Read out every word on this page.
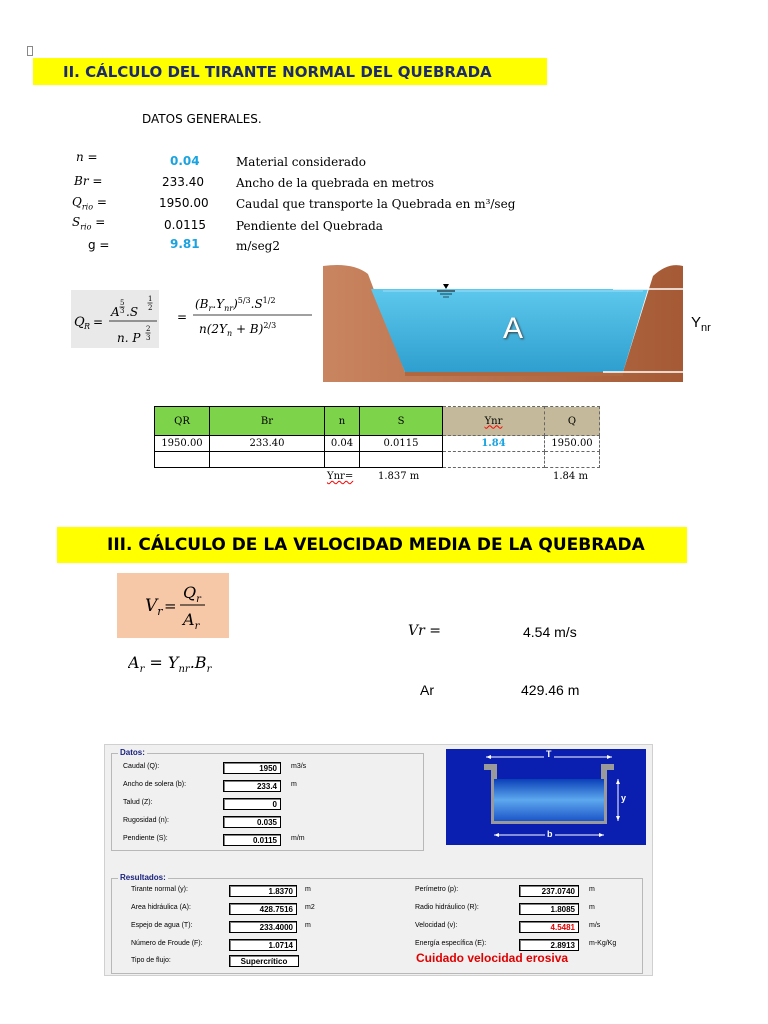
II. CÁLCULO DEL TIRANTE NORMAL DEL QUEBRADA
DATOS GENERALES.
n =	0.04	Material considerado
Br =	233.40	Ancho de la quebrada en metros
$Q_{rio}$ =	1950.00 Caudal que transporte la Quebrada en m³/seg
$S_{rio}$ =	0.0115	Pendiente del Quebrada
g =	9.81	m/seg2
Q R =
A
5
3 .S
1
2
n. P
2
3
=
$(B_r.Y_{nr})^{5/3}.S^{1/2}$
$n(2Y_n + B)^{2/3}$	A	$Y_{nr}$
QR	Br	n	S	Ynr	Q
1950.00	233.40	0.04	0.0115	1.84	1950.00

Ynr= 1.837 m	1.84 m
III. CÁLCULO DE LA VELOCIDAD MEDIA DE LA QUEBRADA
$V_r$ =
$Q_r$
$A_r$
$A_r = Y_{nr}.B_r$
Vr =	4.54 m/s
Ar	429.46 m
Datos:
Caudal (Q):	1950	m3/s
Ancho de solera (b):	233.4	m
Talud (Z):	0
Rugosidad (n):	0.035
Pendiente (S):	0.0115	m/m
T
y
b
Resultados:
Tirante normal (y):	1.8370	m
Area hidráulica (A):	428.7516	m2
Espejo de agua (T):	233.4000	m
Número de Froude (F):	1.0714
Tipo de flujo:	Supercrítico
Perímetro (p):	237.0740	m
Radio hidráulico (R):	1.8085	m
Velocidad (v):	4.5481	m/s
Energía específica (E):	2.8913	m-Kg/Kg
Cuidado velocidad erosiva
